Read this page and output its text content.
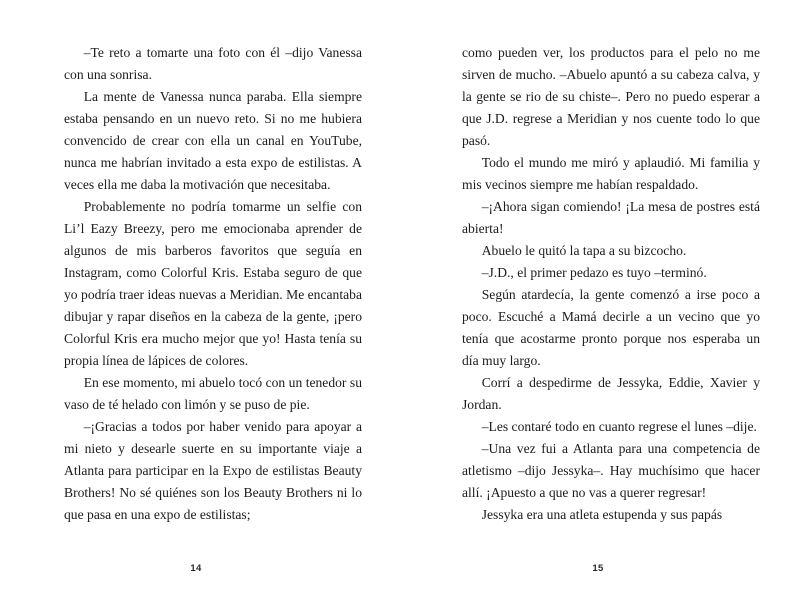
–Te reto a tomarte una foto con él –dijo Vanessa con una sonrisa.

La mente de Vanessa nunca paraba. Ella siempre estaba pensando en un nuevo reto. Si no me hubiera convencido de crear con ella un canal en YouTube, nunca me habrían invitado a esta expo de estilistas. A veces ella me daba la motivación que necesitaba.

Probablemente no podría tomarme un selfie con Li’l Eazy Breezy, pero me emocionaba aprender de algunos de mis barberos favoritos que seguía en Instagram, como Colorful Kris. Estaba seguro de que yo podría traer ideas nuevas a Meridian. Me encantaba dibujar y rapar diseños en la cabeza de la gente, ¡pero Colorful Kris era mucho mejor que yo! Hasta tenía su propia línea de lápices de colores.

En ese momento, mi abuelo tocó con un tenedor su vaso de té helado con limón y se puso de pie.

–¡Gracias a todos por haber venido para apoyar a mi nieto y desearle suerte en su importante viaje a Atlanta para participar en la Expo de estilistas Beauty Brothers! No sé quiénes son los Beauty Brothers ni lo que pasa en una expo de estilistas;

14

como pueden ver, los productos para el pelo no me sirven de mucho. –Abuelo apuntó a su cabeza calva, y la gente se rio de su chiste–. Pero no puedo esperar a que J.D. regrese a Meridian y nos cuente todo lo que pasó.

Todo el mundo me miró y aplaudió. Mi familia y mis vecinos siempre me habían respaldado.

–¡Ahora sigan comiendo! ¡La mesa de postres está abierta!

Abuelo le quitó la tapa a su bizcocho.

–J.D., el primer pedazo es tuyo –terminó.

Según atardecía, la gente comenzó a irse poco a poco. Escuché a Mamá decirle a un vecino que yo tenía que acostarme pronto porque nos esperaba un día muy largo.

Corrí a despedirme de Jessyka, Eddie, Xavier y Jordan.

–Les contaré todo en cuanto regrese el lunes –dije.

–Una vez fui a Atlanta para una competencia de atletismo –dijo Jessyka–. Hay muchísimo que hacer allí. ¡Apuesto a que no vas a querer regresar!

Jessyka era una atleta estupenda y sus papás

15
